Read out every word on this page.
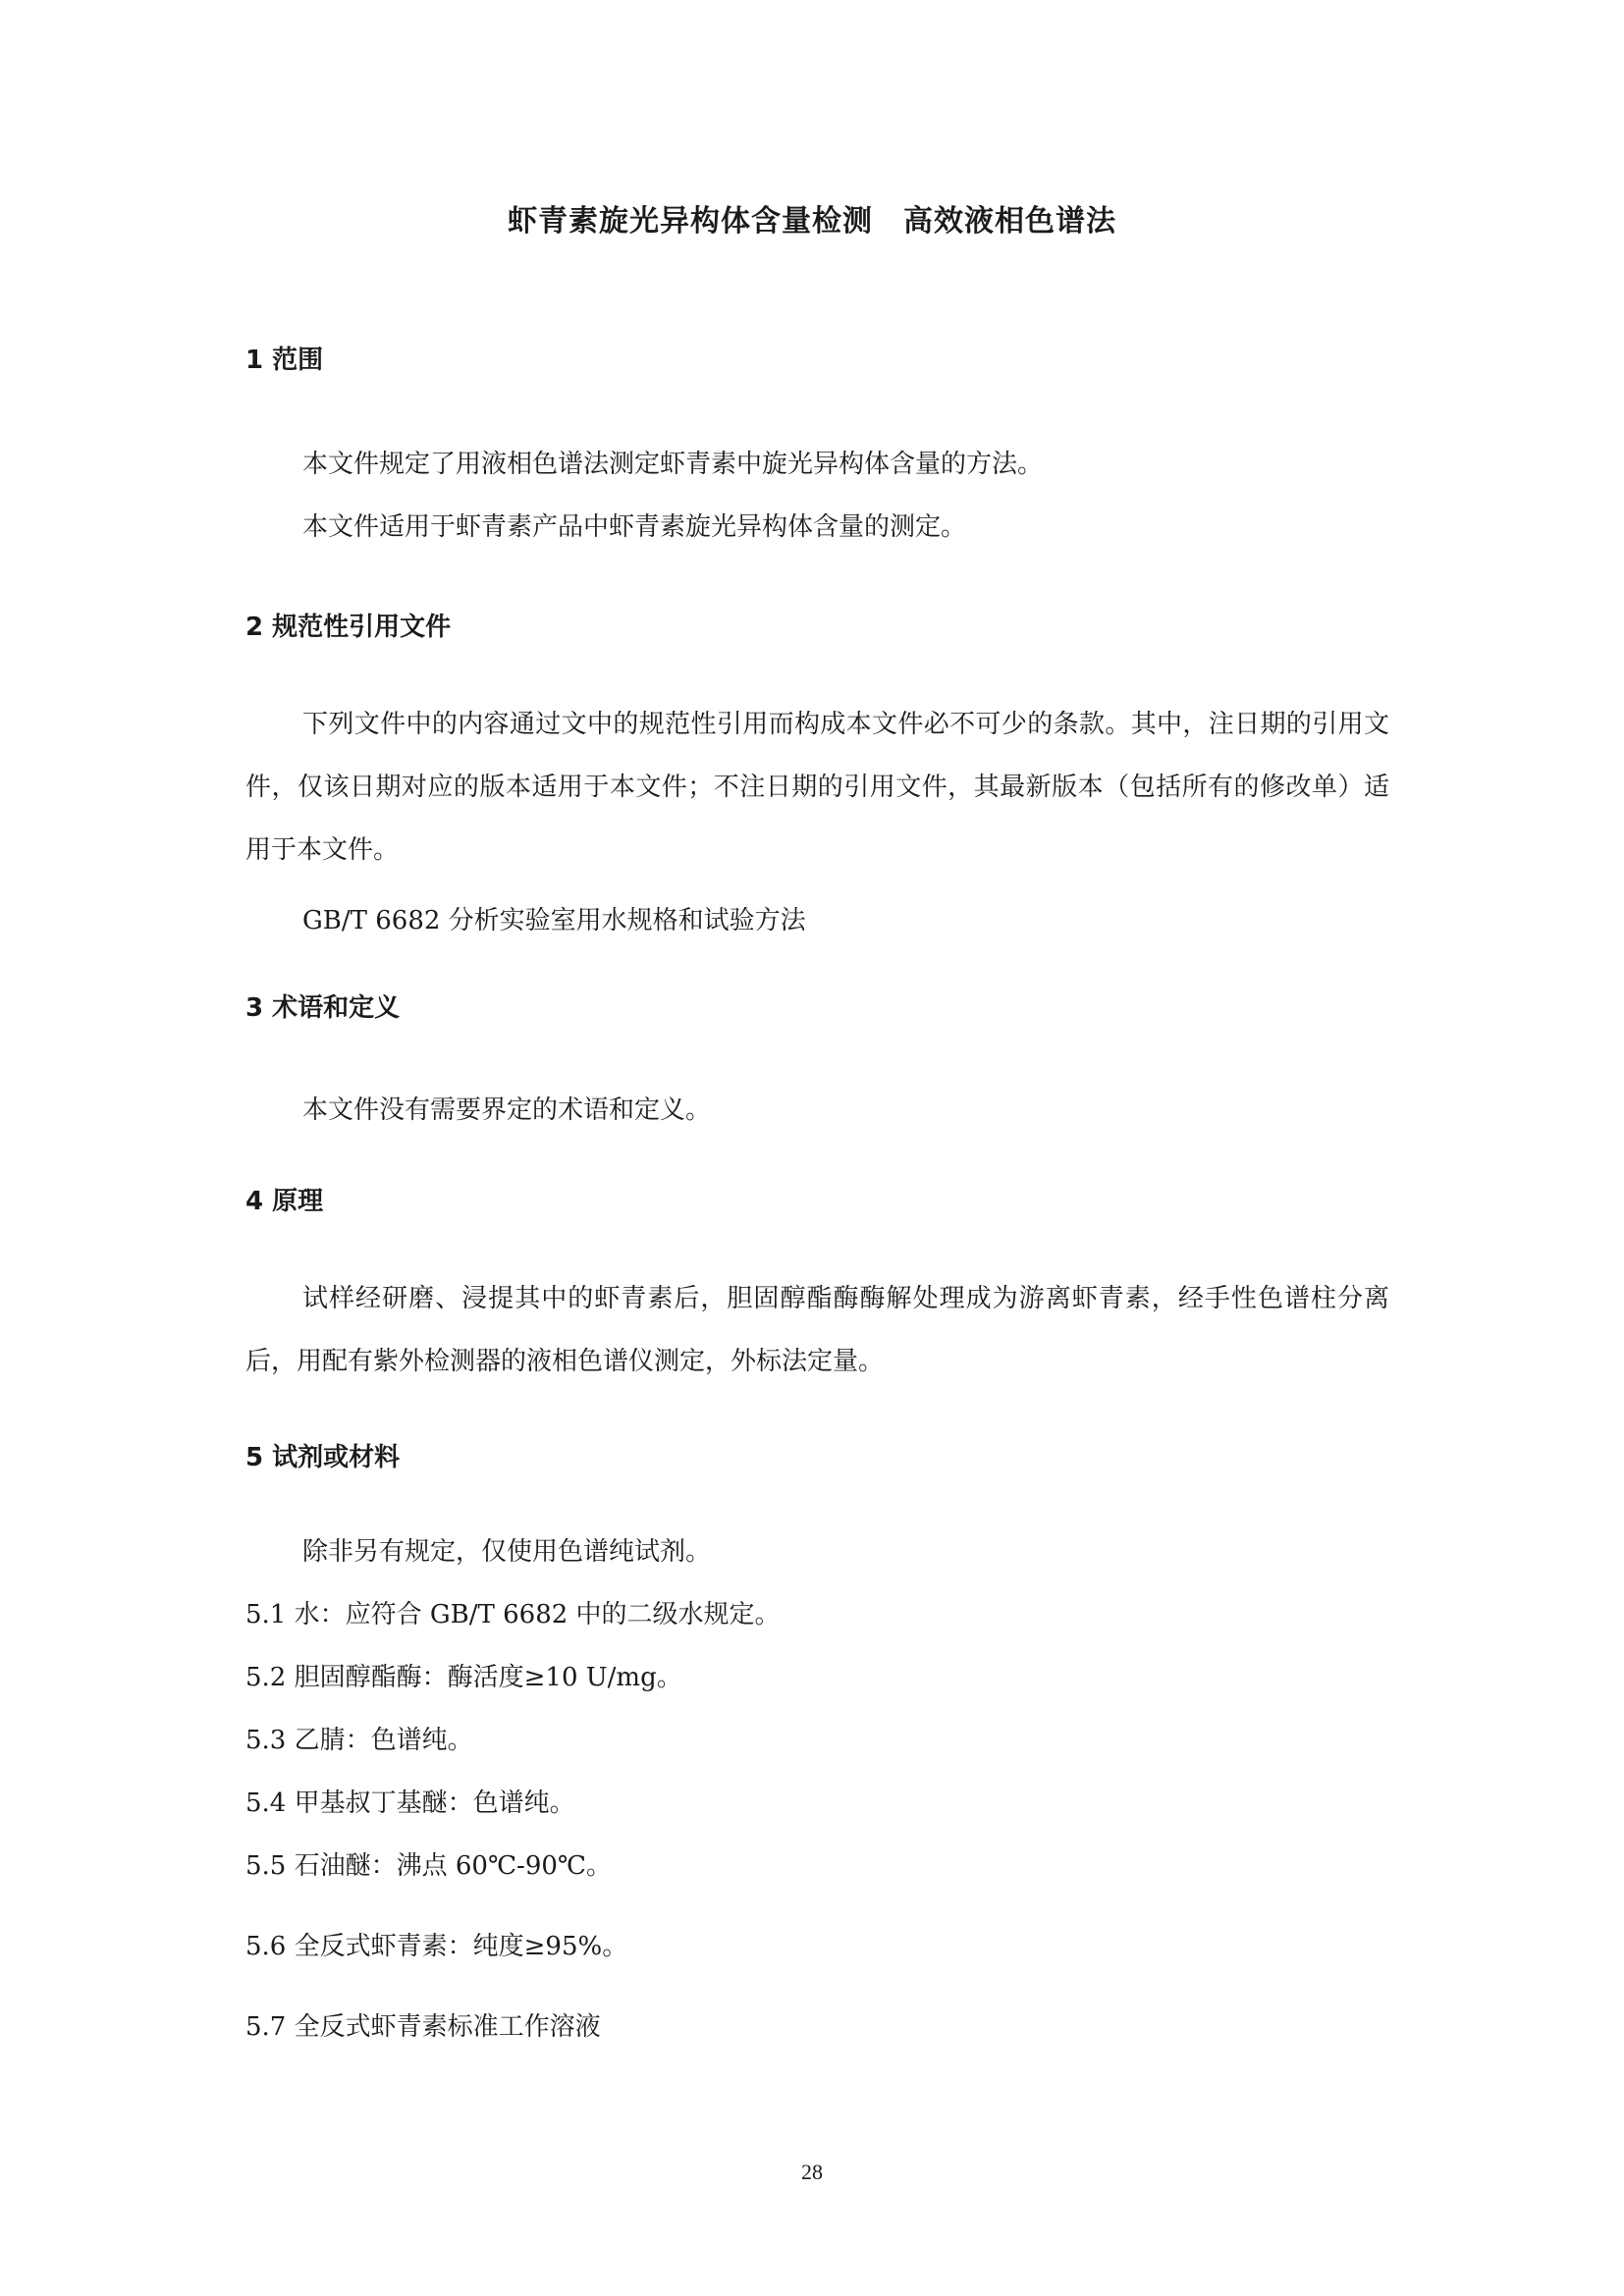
虾青素旋光异构体含量检测　高效液相色谱法
1 范围
本文件规定了用液相色谱法测定虾青素中旋光异构体含量的方法。
本文件适用于虾青素产品中虾青素旋光异构体含量的测定。
2 规范性引用文件
下列文件中的内容通过文中的规范性引用而构成本文件必不可少的条款。其中，注日期的引用文件，仅该日期对应的版本适用于本文件；不注日期的引用文件，其最新版本（包括所有的修改单）适用于本文件。
GB/T 6682 分析实验室用水规格和试验方法
3 术语和定义
本文件没有需要界定的术语和定义。
4 原理
试样经研磨、浸提其中的虾青素后，胆固醇酯酶酶解处理成为游离虾青素，经手性色谱柱分离后，用配有紫外检测器的液相色谱仪测定，外标法定量。
5 试剂或材料
除非另有规定，仅使用色谱纯试剂。
5.1 水：应符合 GB/T 6682 中的二级水规定。
5.2 胆固醇酯酶：酶活度≥10 U/mg。
5.3 乙腈：色谱纯。
5.4 甲基叔丁基醚：色谱纯。
5.5 石油醚：沸点 60℃-90℃。
5.6 全反式虾青素：纯度≥95%。
5.7 全反式虾青素标准工作溶液
28
